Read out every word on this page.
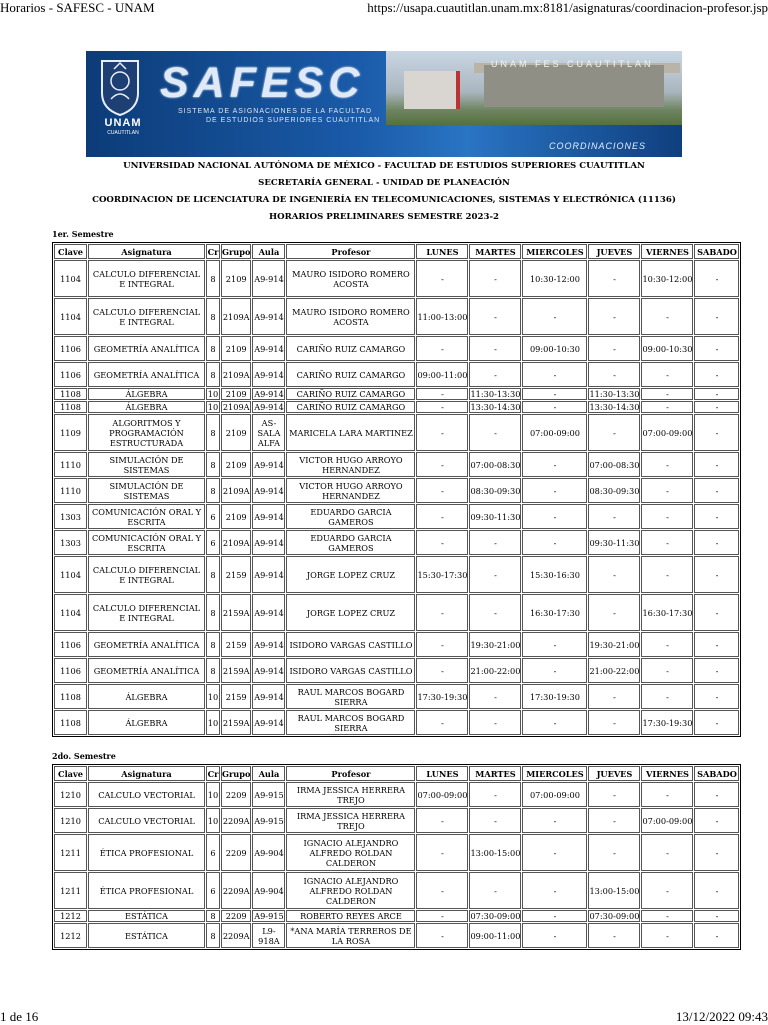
Horarios - SAFESC - UNAM	https://usapa.cuautitlan.unam.mx:8181/asignaturas/coordinacion-profesor.jsp
UNAM
CUAUTITLAN
SAFESC
SISTEMA DE ASIGNACIONES DE LA FACULTAD
DE ESTUDIOS SUPERIORES CUAUTITLAN
UNAM FES CUAUTITLAN
COORDINACIONES
UNIVERSIDAD NACIONAL AUTÓNOMA DE MÉXICO - FACULTAD DE ESTUDIOS SUPERIORES CUAUTITLAN
SECRETARÍA GENERAL - UNIDAD DE PLANEACIÓN
COORDINACION DE LICENCIATURA DE INGENIERÍA EN TELECOMUNICACIONES, SISTEMAS Y ELECTRÓNICA (11136)
HORARIOS PRELIMINARES SEMESTRE 2023-2
1er. Semestre
Clave	Asignatura	Cr	Grupo	Aula	Profesor	LUNES	MARTES	MIERCOLES	JUEVES	VIERNES	SABADO
1104	CALCULO DIFERENCIAL E INTEGRAL	8	2109	A9-914	MAURO ISIDORO ROMERO ACOSTA	-	-	10:30-12:00	-	10:30-12:00	-
1104	CALCULO DIFERENCIAL E INTEGRAL	8	2109A	A9-914	MAURO ISIDORO ROMERO ACOSTA	11:00-13:00	-	-	-	-	-
1106	GEOMETRÍA ANALÍTICA	8	2109	A9-914	CARIÑO RUIZ CAMARGO	-	-	09:00-10:30	-	09:00-10:30	-
1106	GEOMETRÍA ANALÍTICA	8	2109A	A9-914	CARIÑO RUIZ CAMARGO	09:00-11:00	-	-	-	-	-
1108	ÁLGEBRA	10	2109	A9-914	CARIÑO RUIZ CAMARGO	-	11:30-13:30	-	11:30-13:30	-	-
1108	ÁLGEBRA	10	2109A	A9-914	CARIÑO RUIZ CAMARGO	-	13:30-14:30	-	13:30-14:30	-	-
1109	ALGORITMOS Y PROGRAMACIÓN ESTRUCTURADA	8	2109	AS-SALA ALFA	MARICELA LARA MARTINEZ	-	-	07:00-09:00	-	07:00-09:00	-
1110	SIMULACIÓN DE SISTEMAS	8	2109	A9-914	VICTOR HUGO ARROYO HERNANDEZ	-	07:00-08:30	-	07:00-08:30	-	-
1110	SIMULACIÓN DE SISTEMAS	8	2109A	A9-914	VICTOR HUGO ARROYO HERNANDEZ	-	08:30-09:30	-	08:30-09:30	-	-
1303	COMUNICACIÓN ORAL Y ESCRITA	6	2109	A9-914	EDUARDO GARCIA GAMEROS	-	09:30-11:30	-	-	-	-
1303	COMUNICACIÓN ORAL Y ESCRITA	6	2109A	A9-914	EDUARDO GARCIA GAMEROS	-	-	-	09:30-11:30	-	-
1104	CALCULO DIFERENCIAL E INTEGRAL	8	2159	A9-914	JORGE LOPEZ CRUZ	15:30-17:30	-	15:30-16:30	-	-	-
1104	CALCULO DIFERENCIAL E INTEGRAL	8	2159A	A9-914	JORGE LOPEZ CRUZ	-	-	16:30-17:30	-	16:30-17:30	-
1106	GEOMETRÍA ANALÍTICA	8	2159	A9-914	ISIDORO VARGAS CASTILLO	-	19:30-21:00	-	19:30-21:00	-	-
1106	GEOMETRÍA ANALÍTICA	8	2159A	A9-914	ISIDORO VARGAS CASTILLO	-	21:00-22:00	-	21:00-22:00	-	-
1108	ÁLGEBRA	10	2159	A9-914	RAUL MARCOS BOGARD SIERRA	17:30-19:30	-	17:30-19:30	-	-	-
1108	ÁLGEBRA	10	2159A	A9-914	RAUL MARCOS BOGARD SIERRA	-	-	-	-	17:30-19:30	-
2do. Semestre
Clave	Asignatura	Cr	Grupo	Aula	Profesor	LUNES	MARTES	MIERCOLES	JUEVES	VIERNES	SABADO
1210	CALCULO VECTORIAL	10	2209	A9-915	IRMA JESSICA HERRERA TREJO	07:00-09:00	-	07:00-09:00	-	-	-
1210	CALCULO VECTORIAL	10	2209A	A9-915	IRMA JESSICA HERRERA TREJO	-	-	-	-	07:00-09:00	-
1211	ÉTICA PROFESIONAL	6	2209	A9-904	IGNACIO ALEJANDRO ALFREDO ROLDAN CALDERON	-	13:00-15:00	-	-	-	-
1211	ÉTICA PROFESIONAL	6	2209A	A9-904	IGNACIO ALEJANDRO ALFREDO ROLDAN CALDERON	-	-	-	13:00-15:00	-	-
1212	ESTÁTICA	8	2209	A9-915	ROBERTO REYES ARCE	-	07:30-09:00	-	07:30-09:00	-	-
1212	ESTÁTICA	8	2209A	L9-918A	*ANA MARÍA TERREROS DE LA ROSA	-	09:00-11:00	-	-	-	-
1 de 16	13/12/2022 09:43
